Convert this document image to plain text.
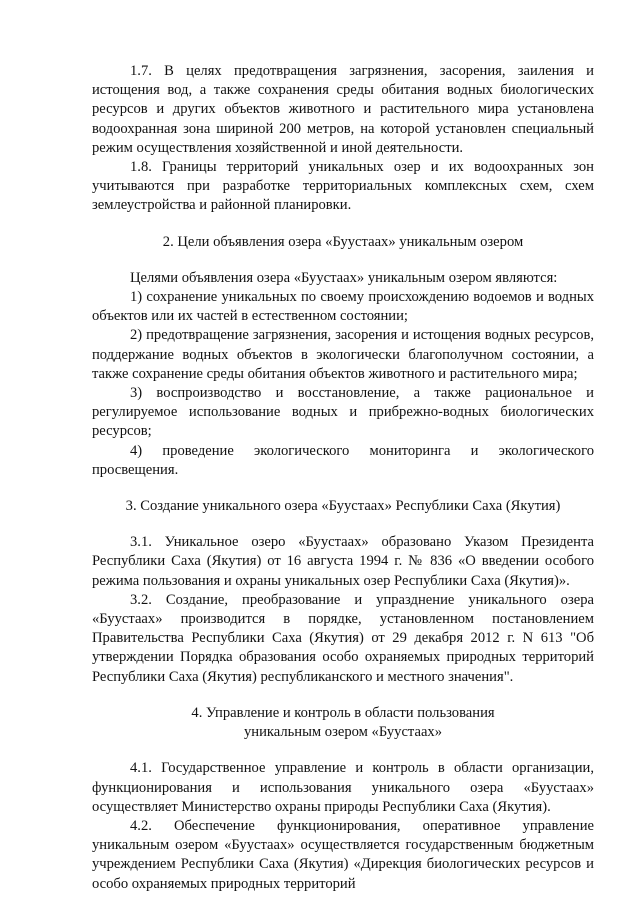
1.7. В целях предотвращения загрязнения, засорения, заиления и истощения вод, а также сохранения среды обитания водных биологических ресурсов и других объектов животного и растительного мира установлена водоохранная зона шириной 200 метров, на которой установлен специальный режим осуществления хозяйственной и иной деятельности.

1.8. Границы территорий уникальных озер и их водоохранных зон учитываются при разработке территориальных комплексных схем, схем землеустройства и районной планировки.

2. Цели объявления озера «Буустаах» уникальным озером

Целями объявления озера «Буустаах» уникальным озером являются:

1) сохранение уникальных по своему происхождению водоемов и водных объектов или их частей в естественном состоянии;

2) предотвращение загрязнения, засорения и истощения водных ресурсов, поддержание водных объектов в экологически благополучном состоянии, а также сохранение среды обитания объектов животного и растительного мира;

3) воспроизводство и восстановление, а также рациональное и регулируемое использование водных и прибрежно-водных биологических ресурсов;

4) проведение экологического мониторинга и экологического просвещения.

3. Создание уникального озера «Буустаах» Республики Саха (Якутия)

3.1. Уникальное озеро «Буустаах» образовано Указом Президента Республики Саха (Якутия) от 16 августа 1994 г. № 836 «О введении особого режима пользования и охраны уникальных озер Республики Саха (Якутия)».

3.2. Создание, преобразование и упразднение уникального озера «Буустаах» производится в порядке, установленном постановлением Правительства Республики Саха (Якутия) от 29 декабря 2012 г. N 613 "Об утверждении Порядка образования особо охраняемых природных территорий Республики Саха (Якутия) республиканского и местного значения".

4. Управление и контроль в области пользования

уникальным озером «Буустаах»

4.1. Государственное управление и контроль в области организации, функционирования и использования уникального озера «Буустаах» осуществляет Министерство охраны природы Республики Саха (Якутия).

4.2. Обеспечение функционирования, оперативное управление уникальным озером «Буустаах» осуществляется государственным бюджетным учреждением Республики Саха (Якутия) «Дирекция биологических ресурсов и особо охраняемых природных территорий
